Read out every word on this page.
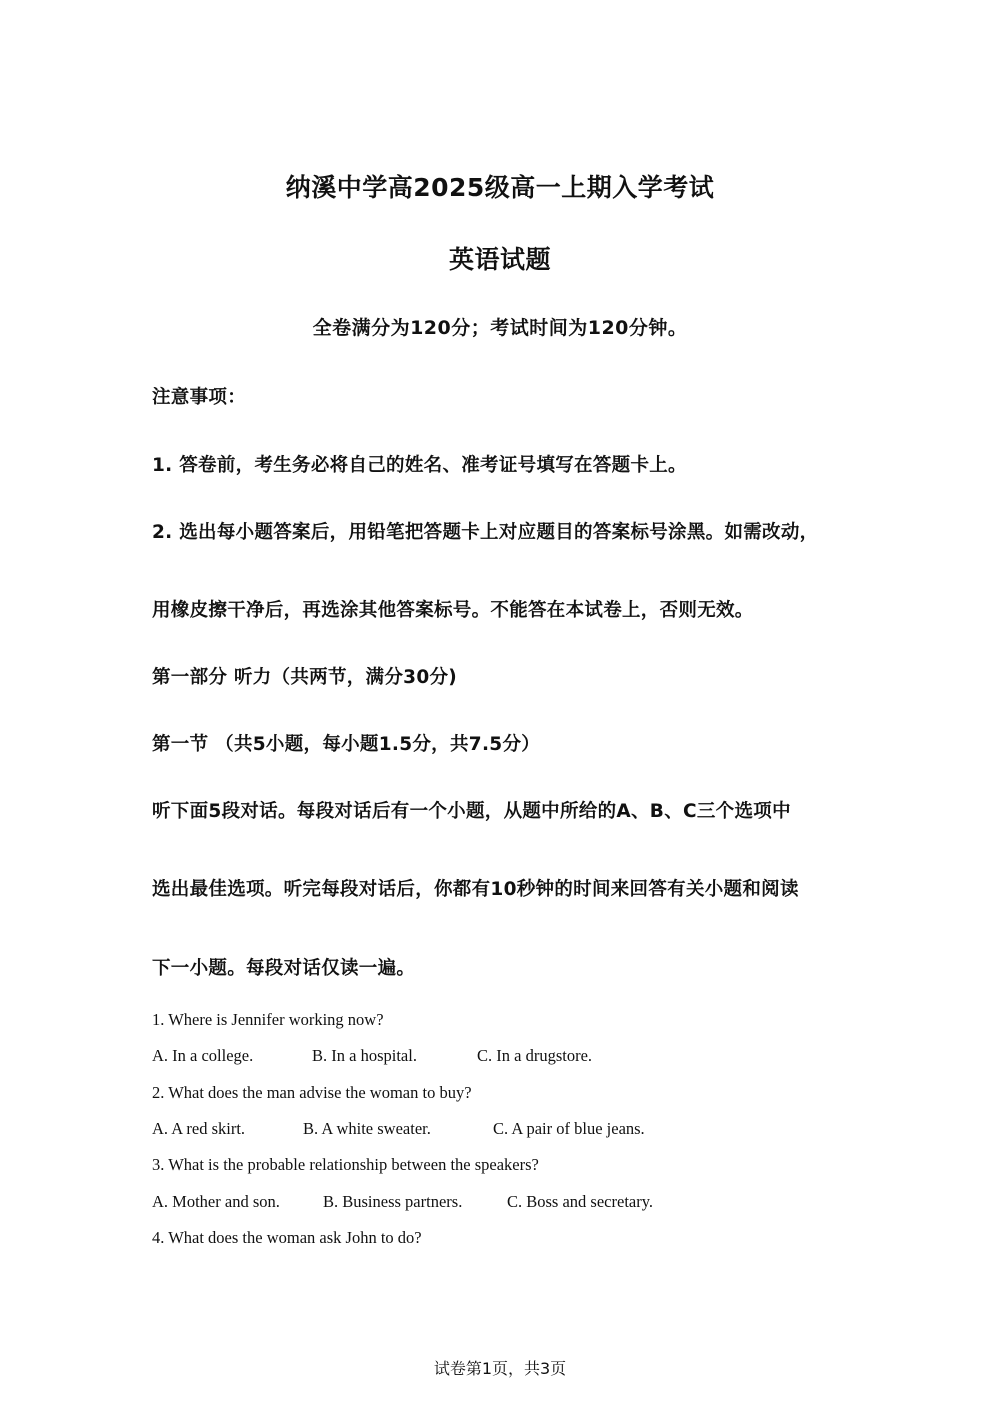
纳溪中学高2025级高一上期入学考试
英语试题
全卷满分为120分；考试时间为120分钟。
注意事项：
1. 答卷前，考生务必将自己的姓名、准考证号填写在答题卡上。
2. 选出每小题答案后，用铅笔把答题卡上对应题目的答案标号涂黑。如需改动，
用橡皮擦干净后，再选涂其他答案标号。不能答在本试卷上，否则无效。
第一部分 听力（共两节，满分30分)
第一节 （共5小题，每小题1.5分，共7.5分）
听下面5段对话。每段对话后有一个小题，从题中所给的A、B、C三个选项中
选出最佳选项。听完每段对话后，你都有10秒钟的时间来回答有关小题和阅读
下一小题。每段对话仅读一遍。
1. Where is Jennifer working now?
A. In a college.	B. In a hospital.	C. In a drugstore.
2. What does the man advise the woman to buy?
A. A red skirt.	B. A white sweater.	C. A pair of blue jeans.
3. What is the probable relationship between the speakers?
A. Mother and son.	B. Business partners.	C. Boss and secretary.
4. What does the woman ask John to do?
试卷第1页，共3页
